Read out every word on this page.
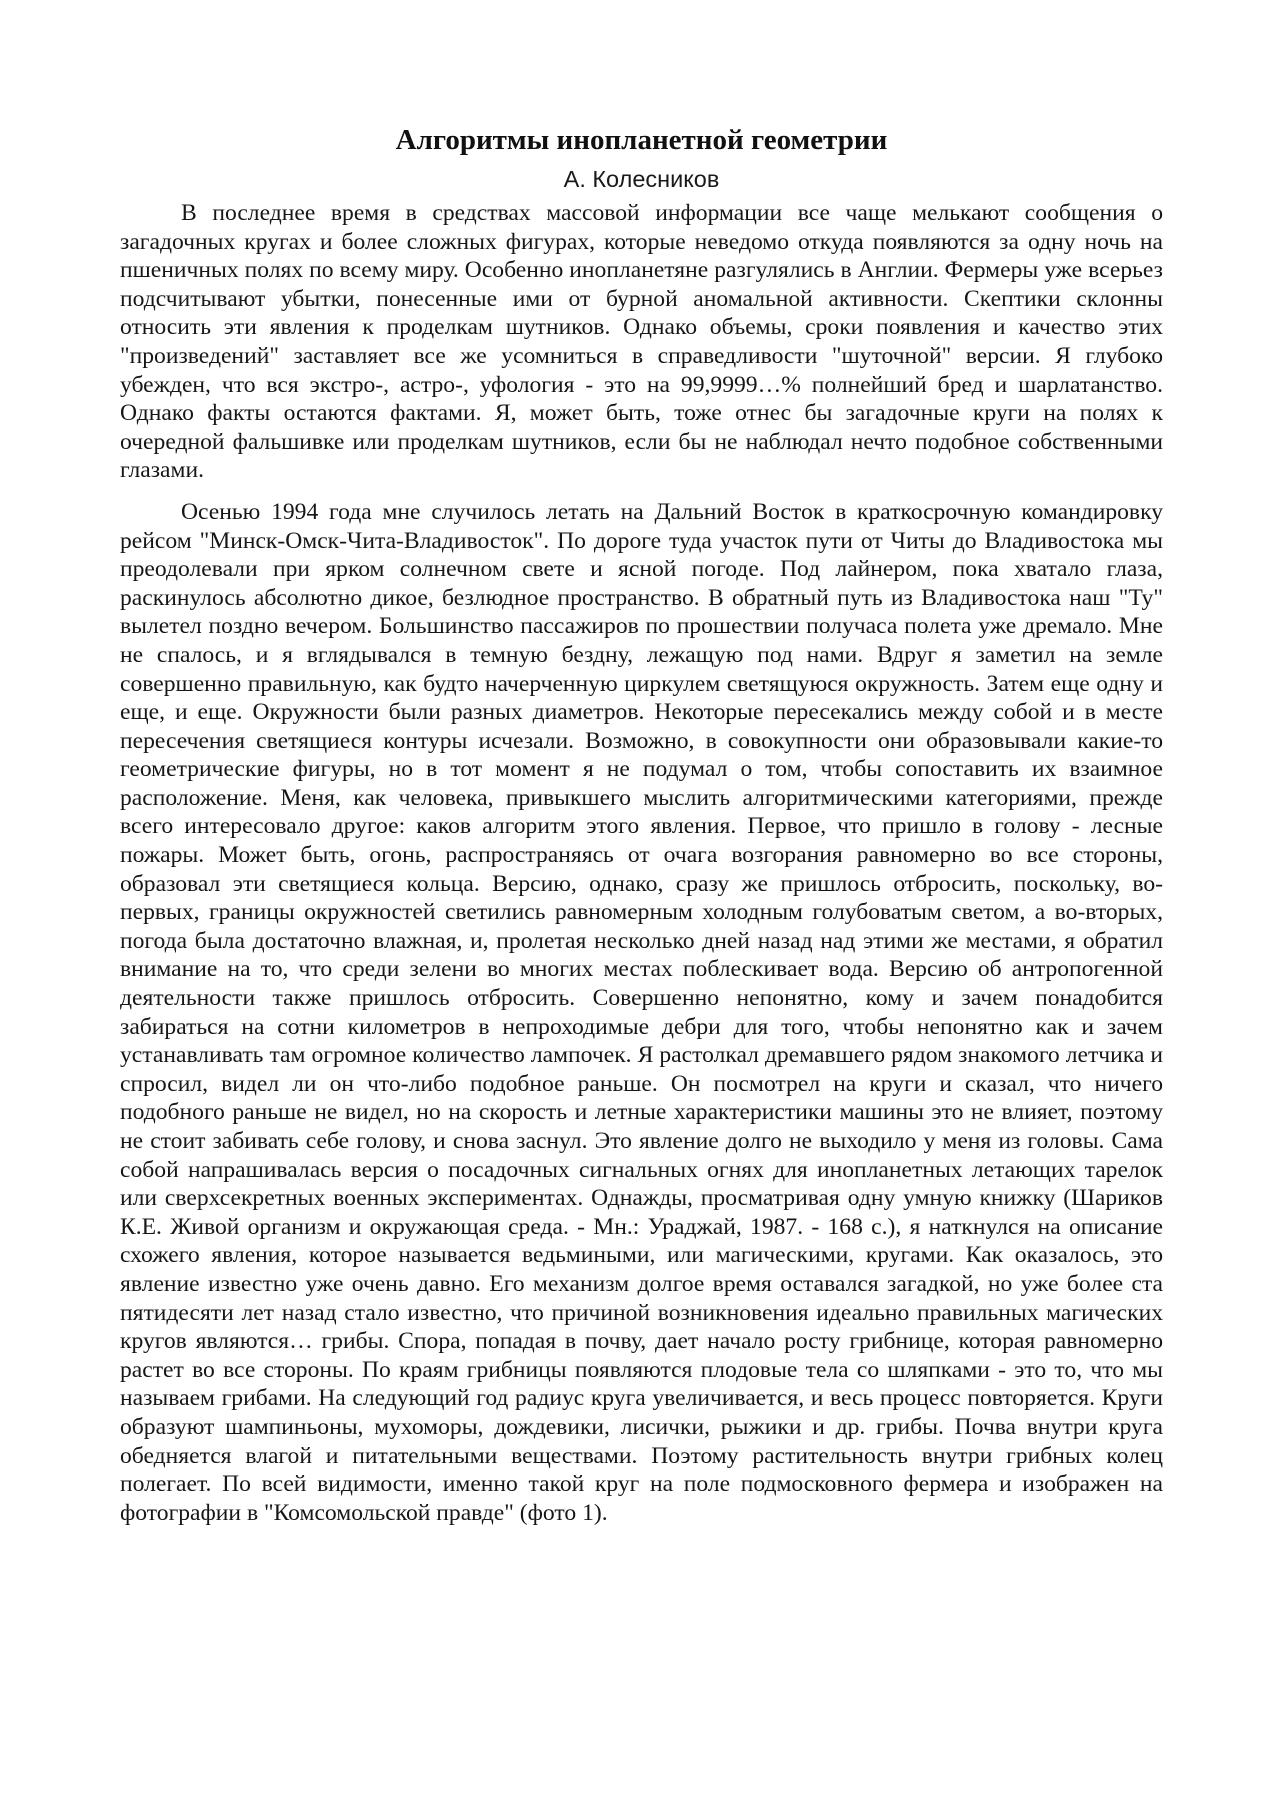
Алгоритмы инопланетной геометрии
А. Колесников

В последнее время в средствах массовой информации все чаще мелькают сообщения о загадочных кругах и более сложных фигурах, которые неведомо откуда появляются за одну ночь на пшеничных полях по всему миру. Особенно инопланетяне разгулялись в Англии. Фермеры уже всерьез подсчитывают убытки, понесенные ими от бурной аномальной активности. Скептики склонны относить эти явления к проделкам шутников. Однако объемы, сроки появления и качество этих "произведений" заставляет все же усомниться в справедливости "шуточной" версии. Я глубоко убежден, что вся экстро-, астро-, уфология - это на 99,9999…% полнейший бред и шарлатанство. Однако факты остаются фактами. Я, может быть, тоже отнес бы загадочные круги на полях к очередной фальшивке или проделкам шутников, если бы не наблюдал нечто подобное собственными глазами.

Осенью 1994 года мне случилось летать на Дальний Восток в краткосрочную командировку рейсом "Минск-Омск-Чита-Владивосток". По дороге туда участок пути от Читы до Владивостока мы преодолевали при ярком солнечном свете и ясной погоде. Под лайнером, пока хватало глаза, раскинулось абсолютно дикое, безлюдное пространство. В обратный путь из Владивостока наш "Ту" вылетел поздно вечером. Большинство пассажиров по прошествии получаса полета уже дремало. Мне не спалось, и я вглядывался в темную бездну, лежащую под нами. Вдруг я заметил на земле совершенно правильную, как будто начерченную циркулем светящуюся окружность. Затем еще одну и еще, и еще. Окружности были разных диаметров. Некоторые пересекались между собой и в месте пересечения светящиеся контуры исчезали. Возможно, в совокупности они образовывали какие-то геометрические фигуры, но в тот момент я не подумал о том, чтобы сопоставить их взаимное расположение. Меня, как человека, привыкшего мыслить алгоритмическими категориями, прежде всего интересовало другое: каков алгоритм этого явления. Первое, что пришло в голову - лесные пожары. Может быть, огонь, распространяясь от очага возгорания равномерно во все стороны, образовал эти светящиеся кольца. Версию, однако, сразу же пришлось отбросить, поскольку, во-первых, границы окружностей светились равномерным холодным голубоватым светом, а во-вторых, погода была достаточно влажная, и, пролетая несколько дней назад над этими же местами, я обратил внимание на то, что среди зелени во многих местах поблескивает вода. Версию об антропогенной деятельности также пришлось отбросить. Совершенно непонятно, кому и зачем понадобится забираться на сотни километров в непроходимые дебри для того, чтобы непонятно как и зачем устанавливать там огромное количество лампочек. Я растолкал дремавшего рядом знакомого летчика и спросил, видел ли он что-либо подобное раньше. Он посмотрел на круги и сказал, что ничего подобного раньше не видел, но на скорость и летные характеристики машины это не влияет, поэтому не стоит забивать себе голову, и снова заснул. Это явление долго не выходило у меня из головы. Сама собой напрашивалась версия о посадочных сигнальных огнях для инопланетных летающих тарелок или сверхсекретных военных экспериментах. Однажды, просматривая одну умную книжку (Шариков К.Е. Живой организм и окружающая среда. - Мн.: Ураджай, 1987. - 168 с.), я наткнулся на описание схожего явления, которое называется ведьмиными, или магическими, кругами. Как оказалось, это явление известно уже очень давно. Его механизм долгое время оставался загадкой, но уже более ста пятидесяти лет назад стало известно, что причиной возникновения идеально правильных магических кругов являются… грибы. Спора, попадая в почву, дает начало росту грибнице, которая равномерно растет во все стороны. По краям грибницы появляются плодовые тела со шляпками - это то, что мы называем грибами. На следующий год радиус круга увеличивается, и весь процесс повторяется. Круги образуют шампиньоны, мухоморы, дождевики, лисички, рыжики и др. грибы. Почва внутри круга обедняется влагой и питательными веществами. Поэтому растительность внутри грибных колец полегает. По всей видимости, именно такой круг на поле подмосковного фермера и изображен на фотографии в "Комсомольской правде" (фото 1).
